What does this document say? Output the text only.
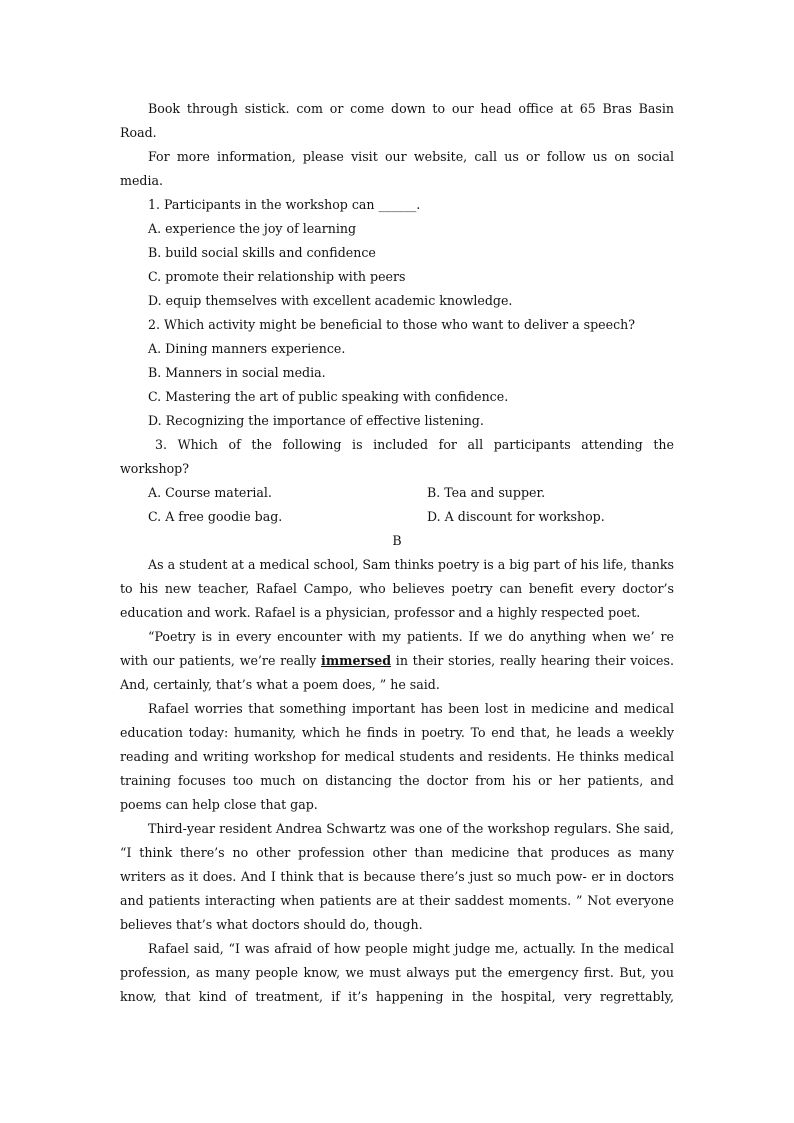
Book through sistick. com or come down to our head office at 65 Bras Basin Road.

For more information, please visit our website, call us or follow us on social media.

1. Participants in the workshop can ______.

A. experience the joy of learning

B. build social skills and confidence

C. promote their relationship with peers

D. equip themselves with excellent academic knowledge.

2. Which activity might be beneficial to those who want to deliver a speech?

A. Dining manners experience.

B. Manners in social media.

C. Mastering the art of public speaking with confidence.

D. Recognizing the importance of effective listening.

3. Which of the following is included for all participants attending the workshop?

A. Course material.	B. Tea and supper.
C. A free goodie bag.	D. A discount for workshop.

B

As a student at a medical school, Sam thinks poetry is a big part of his life, thanks to his new teacher, Rafael Campo, who believes poetry can benefit every doctor’s education and work. Rafael is a physician, professor and a highly respected poet.

“Poetry is in every encounter with my patients. If we do anything when we’ re with our patients, we’re really immersed in their stories, really hearing their voices. And, certainly, that’s what a poem does, ” he said.

Rafael worries that something important has been lost in medicine and medical education today: humanity, which he finds in poetry. To end that, he leads a weekly reading and writing workshop for medical students and residents. He thinks medical training focuses too much on distancing the doctor from his or her patients, and poems can help close that gap.

Third-year resident Andrea Schwartz was one of the workshop regulars. She said, “I think there’s no other profession other than medicine that produces as many writers as it does. And I think that is because there’s just so much pow- er in doctors and patients interacting when patients are at their saddest moments. ” Not everyone believes that’s what doctors should do, though.

Rafael said, “I was afraid of how people might judge me, actually. In the medical profession, as many people know, we must always put the emergency first. But, you know, that kind of treatment, if it’s happening in the hospital, very regrettably,
